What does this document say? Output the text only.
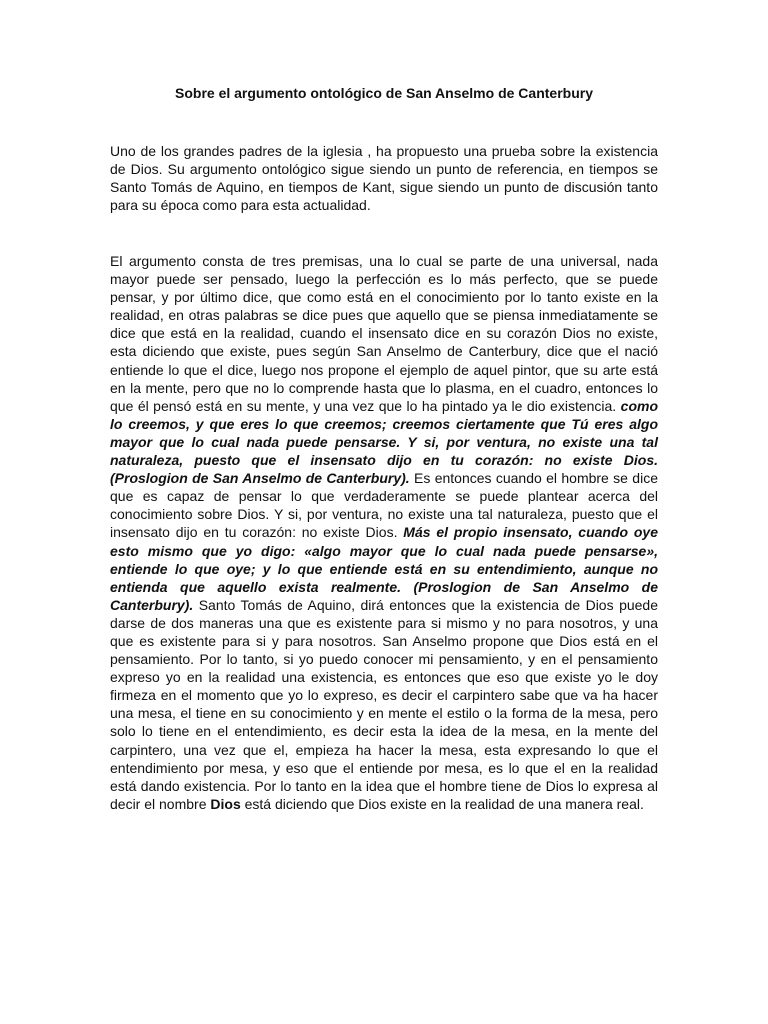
Sobre el argumento ontológico de San Anselmo de Canterbury
Uno de los grandes padres de la iglesia , ha propuesto una prueba sobre la existencia de Dios. Su argumento ontológico sigue siendo un punto de referencia, en tiempos se Santo Tomás de Aquino, en tiempos de Kant, sigue siendo un punto de discusión tanto para su época como para esta actualidad.
El argumento consta de tres premisas, una lo cual se parte de una universal, nada mayor puede ser pensado, luego la perfección es lo más perfecto, que se puede pensar, y por último dice, que como está en el conocimiento por lo tanto existe en la realidad, en otras palabras se dice pues que aquello que se piensa inmediatamente se dice que está en la realidad, cuando el insensato dice en su corazón Dios no existe, esta diciendo que existe, pues según San Anselmo de Canterbury, dice que el nació entiende lo que el dice, luego nos propone el ejemplo de aquel pintor, que su arte está en la mente, pero que no lo comprende hasta que lo plasma, en el cuadro, entonces lo que él pensó está en su mente, y una vez que lo ha pintado ya le dio existencia. como lo creemos, y que eres lo que creemos; creemos ciertamente que Tú eres algo mayor que lo cual nada puede pensarse. Y si, por ventura, no existe una tal naturaleza, puesto que el insensato dijo en tu corazón: no existe Dios. (Proslogion de San Anselmo de Canterbury). Es entonces cuando el hombre se dice que es capaz de pensar lo que verdaderamente se puede plantear acerca del conocimiento sobre Dios. Y si, por ventura, no existe una tal naturaleza, puesto que el insensato dijo en tu corazón: no existe Dios. Más el propio insensato, cuando oye esto mismo que yo digo: «algo mayor que lo cual nada puede pensarse», entiende lo que oye; y lo que entiende está en su entendimiento, aunque no entienda que aquello exista realmente. (Proslogion de San Anselmo de Canterbury). Santo Tomás de Aquino, dirá entonces que la existencia de Dios puede darse de dos maneras una que es existente para si mismo y no para nosotros, y una que es existente para si y para nosotros. San Anselmo propone que Dios está en el pensamiento. Por lo tanto, si yo puedo conocer mi pensamiento, y en el pensamiento expreso yo en la realidad una existencia, es entonces que eso que existe yo le doy firmeza en el momento que yo lo expreso, es decir el carpintero sabe que va ha hacer una mesa, el tiene en su conocimiento y en mente el estilo o la forma de la mesa, pero solo lo tiene en el entendimiento, es decir esta la idea de la mesa, en la mente del carpintero, una vez que el, empieza ha hacer la mesa, esta expresando lo que el entendimiento por mesa, y eso que el entiende por mesa, es lo que el en la realidad está dando existencia. Por lo tanto en la idea que el hombre tiene de Dios lo expresa al decir el nombre Dios está diciendo que Dios existe en la realidad de una manera real.
